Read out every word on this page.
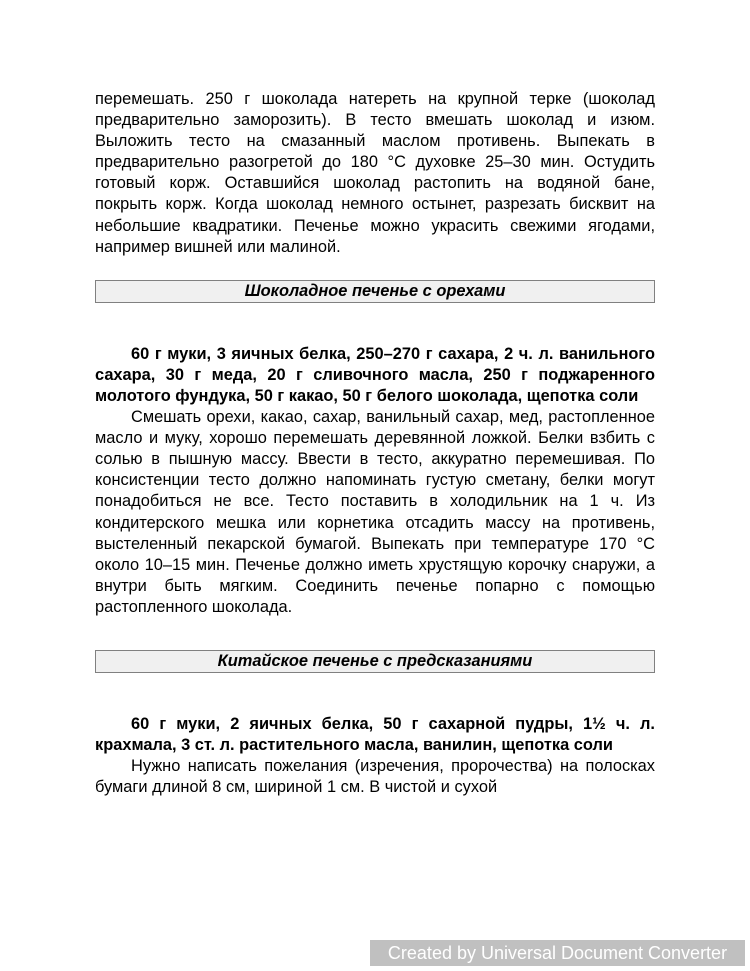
перемешать. 250 г шоколада натереть на крупной терке (шоколад предварительно заморозить). В тесто вмешать шоколад и изюм. Выложить тесто на смазанный маслом противень. Выпекать в предварительно разогретой до 180 °С духовке 25–30 мин. Остудить готовый корж. Оставшийся шоколад растопить на водяной бане, покрыть корж. Когда шоколад немного остынет, разрезать бисквит на небольшие квадратики. Печенье можно украсить свежими ягодами, например вишней или малиной.

Шоколадное печенье с орехами

60 г муки, 3 яичных белка, 250–270 г сахара, 2 ч. л. ванильного сахара, 30 г меда, 20 г сливочного масла, 250 г поджаренного молотого фундука, 50 г какао, 50 г белого шоколада, щепотка соли

Смешать орехи, какао, сахар, ванильный сахар, мед, растопленное масло и муку, хорошо перемешать деревянной ложкой. Белки взбить с солью в пышную массу. Ввести в тесто, аккуратно перемешивая. По консистенции тесто должно напоминать густую сметану, белки могут понадобиться не все. Тесто поставить в холодильник на 1 ч. Из кондитерского мешка или корнетика отсадить массу на противень, выстеленный пекарской бумагой. Выпекать при температуре 170 °С около 10–15 мин. Печенье должно иметь хрустящую корочку снаружи, а внутри быть мягким. Соединить печенье попарно с помощью растопленного шоколада.

Китайское печенье с предсказаниями

60 г муки, 2 яичных белка, 50 г сахарной пудры, 1½ ч. л. крахмала, 3 ст. л. растительного масла, ванилин, щепотка соли

Нужно написать пожелания (изречения, пророчества) на полосках бумаги длиной 8 см, шириной 1 см. В чистой и сухой

Created by Universal Document Converter
